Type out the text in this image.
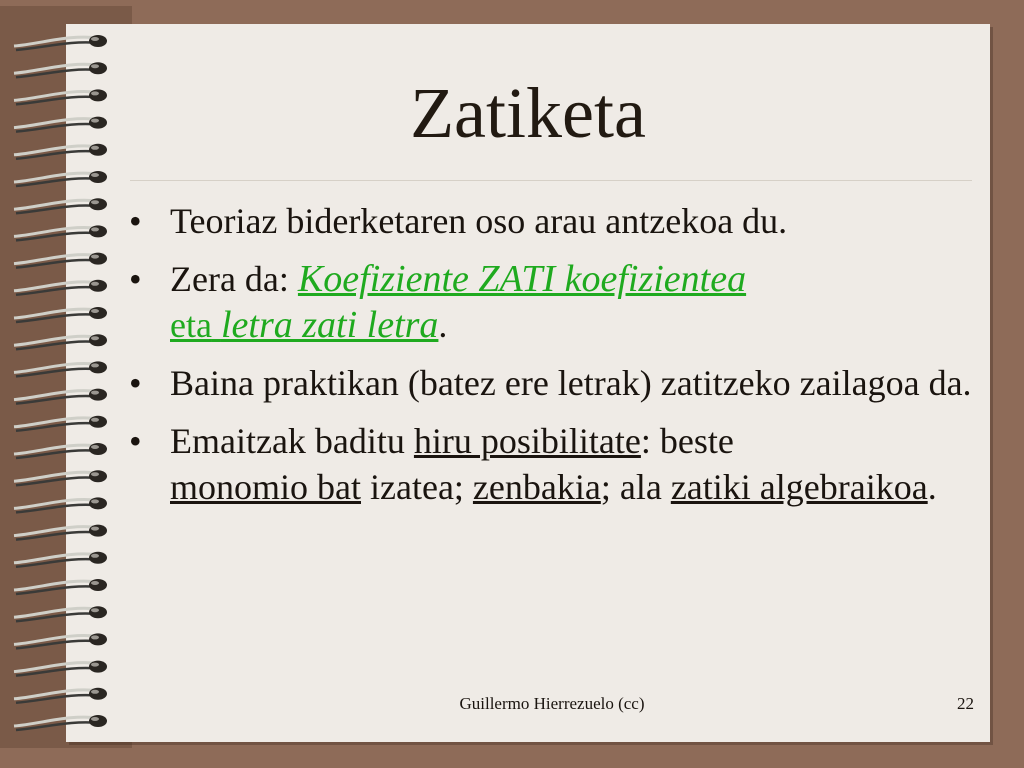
Zatiketa
• Teoriaz biderketaren oso arau antzekoa du.
• Zera da: Koefiziente ZATI koefizientea
eta letra zati letra.
• Baina praktikan (batez ere letrak) zatitzeko zailagoa da.
• Emaitzak baditu hiru posibilitate: beste
monomio bat izatea; zenbakia; ala zatiki algebraikoa.
Guillermo Hierrezuelo (cc)	22
